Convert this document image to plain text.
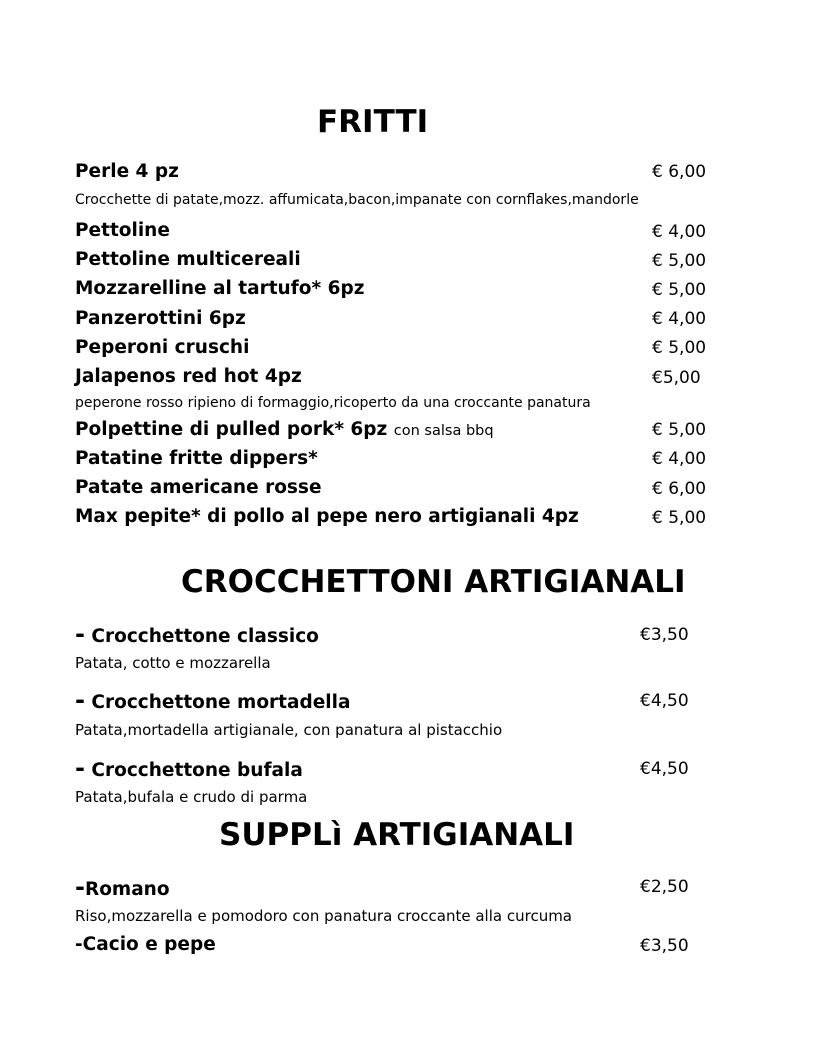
FRITTI
Perle 4 pz	€ 6,00
Crocchette di patate,mozz. affumicata,bacon,impanate con cornflakes,mandorle
Pettoline	€ 4,00
Pettoline multicereali	€ 5,00
Mozzarelline al tartufo* 6pz	€ 5,00
Panzerottini 6pz	€ 4,00
Peperoni cruschi	€ 5,00
Jalapenos red hot 4pz	€5,00
peperone rosso ripieno di formaggio,ricoperto da una croccante panatura
Polpettine di pulled pork* 6pz con salsa bbq	€ 5,00
Patatine fritte dippers*	€ 4,00
Patate americane rosse	€ 6,00
Max pepite* di pollo al pepe nero artigianali 4pz	€ 5,00
CROCCHETTONI ARTIGIANALI
- Crocchettone classico	€3,50
Patata, cotto e mozzarella
- Crocchettone mortadella	€4,50
Patata,mortadella artigianale, con panatura al pistacchio
- Crocchettone bufala	€4,50
Patata,bufala e crudo di parma
SUPPLì ARTIGIANALI
-Romano	€2,50
Riso,mozzarella e pomodoro con panatura croccante alla curcuma
-Cacio e pepe	€3,50
